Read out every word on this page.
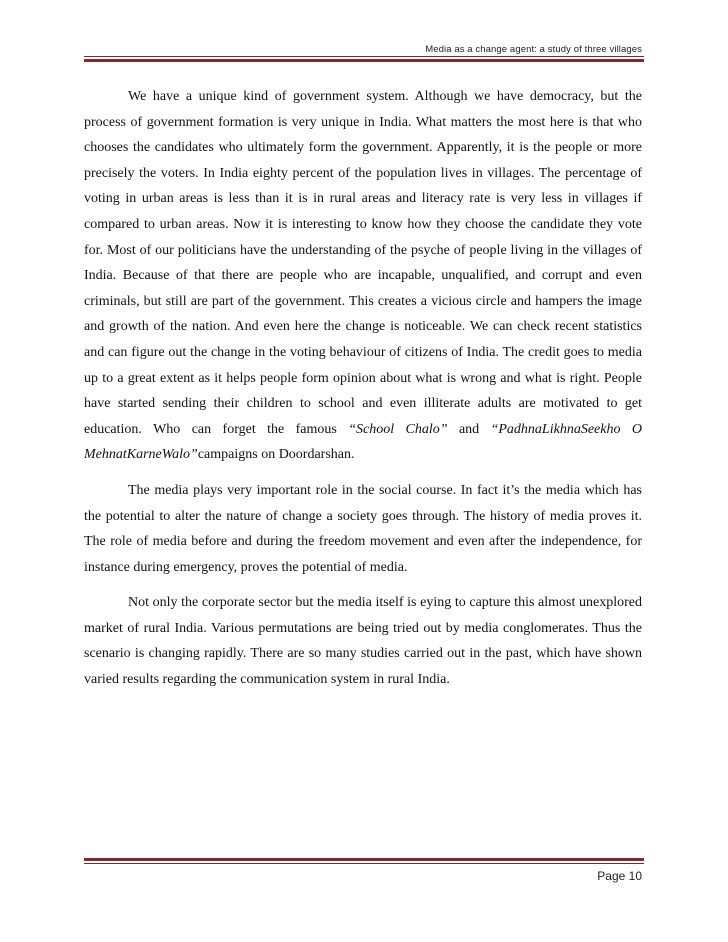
Media as a change agent: a study of three villages

We have a unique kind of government system. Although we have democracy, but the process of government formation is very unique in India. What matters the most here is that who chooses the candidates who ultimately form the government. Apparently, it is the people or more precisely the voters. In India eighty percent of the population lives in villages. The percentage of voting in urban areas is less than it is in rural areas and literacy rate is very less in villages if compared to urban areas. Now it is interesting to know how they choose the candidate they vote for. Most of our politicians have the understanding of the psyche of people living in the villages of India. Because of that there are people who are incapable, unqualified, and corrupt and even criminals, but still are part of the government. This creates a vicious circle and hampers the image and growth of the nation. And even here the change is noticeable. We can check recent statistics and can figure out the change in the voting behaviour of citizens of India. The credit goes to media up to a great extent as it helps people form opinion about what is wrong and what is right. People have started sending their children to school and even illiterate adults are motivated to get education. Who can forget the famous “School Chalo” and “PadhnaLikhnaSeekho O MehnatKarneWalo”campaigns on Doordarshan.

The media plays very important role in the social course. In fact it’s the media which has the potential to alter the nature of change a society goes through. The history of media proves it. The role of media before and during the freedom movement and even after the independence, for instance during emergency, proves the potential of media.

Not only the corporate sector but the media itself is eying to capture this almost unexplored market of rural India. Various permutations are being tried out by media conglomerates. Thus the scenario is changing rapidly. There are so many studies carried out in the past, which have shown varied results regarding the communication system in rural India.

Page 10
